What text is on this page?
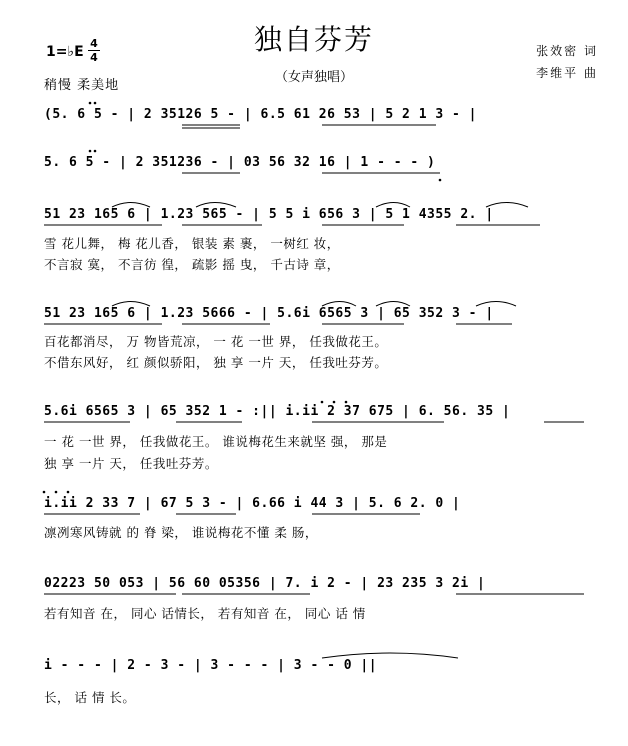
独自芬芳
（女声独唱）
1=♭E
4
4
稍慢 柔美地
张效密 词
李维平 曲
(5. 6 5 - | 2 35126 5 - | 6.5 61 26 53 | 5 2 1 3 - |
5. 6 5 - | 2 351236 - | 03 56 32 16 | 1 - - - )
51 23 165 6 | 1.23 565 - | 5 5 i 656 3 | 5 1 4355 2. |
雪 花儿舞， 梅 花儿香， 银装 素 裹， 一树红 妆，
不言寂 寞， 不言彷 徨， 疏影 摇 曳， 千古诗 章，
51 23 165 6 | 1.23 5666 - | 5.6i 6565 3 | 65 352 3 - |
百花都消尽， 万 物皆荒凉， 一 花 一世 界， 任我做花王。
不借东风好， 红 颜似骄阳， 独 享 一片 天， 任我吐芬芳。
5.6i 6565 3 | 65 352 1 - :|| i.ii 2 37 675 | 6. 56. 35 |
一 花 一世 界， 任我做花王。 谁说梅花生来就坚 强， 那是
独 享 一片 天， 任我吐芬芳。
i.ii 2 33 7 | 67 5 3 - | 6.66 i 44 3 | 5. 6 2. 0 |
凛冽寒风铸就 的 脊 梁， 谁说梅花不懂 柔 肠，
02223 50 053 | 56 60 05356 | 7. i 2 - | 23 235 3 2i |
若有知音 在， 同心 话情长， 若有知音 在， 同心 话 情
i - - - | 2 - 3 - | 3 - - - | 3 - - 0 ||
长， 话 情 长。
